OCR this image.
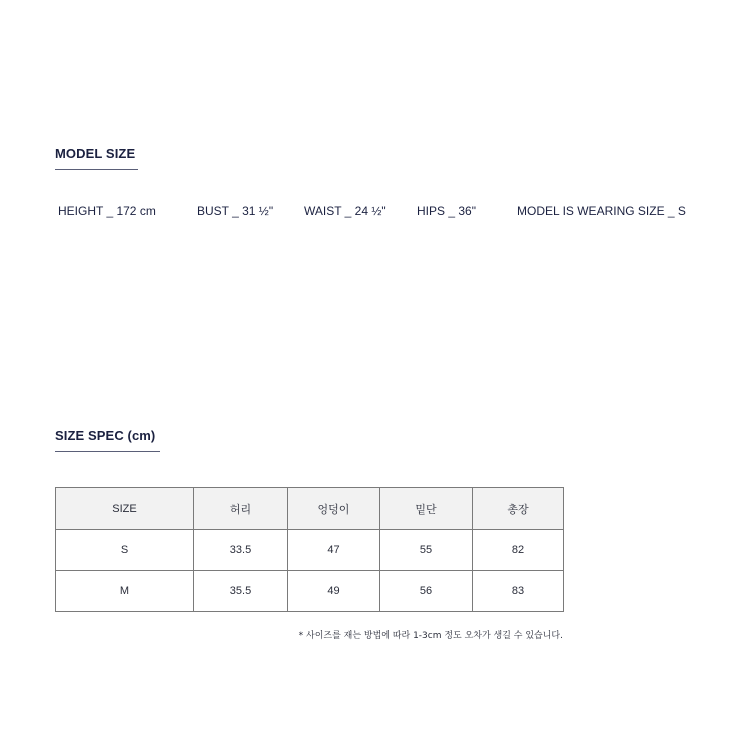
MODEL SIZE
HEIGHT _ 172 cm	BUST _ 31 ½"	WAIST _ 24 ½"	HIPS _ 36"	MODEL IS WEARING SIZE _ S
SIZE SPEC (cm)
SIZE	허리	엉덩이	밑단	총장
S	33.5	47	55	82
M	35.5	49	56	83
* 사이즈를 재는 방법에 따라 1-3cm 정도 오차가 생길 수 있습니다.
